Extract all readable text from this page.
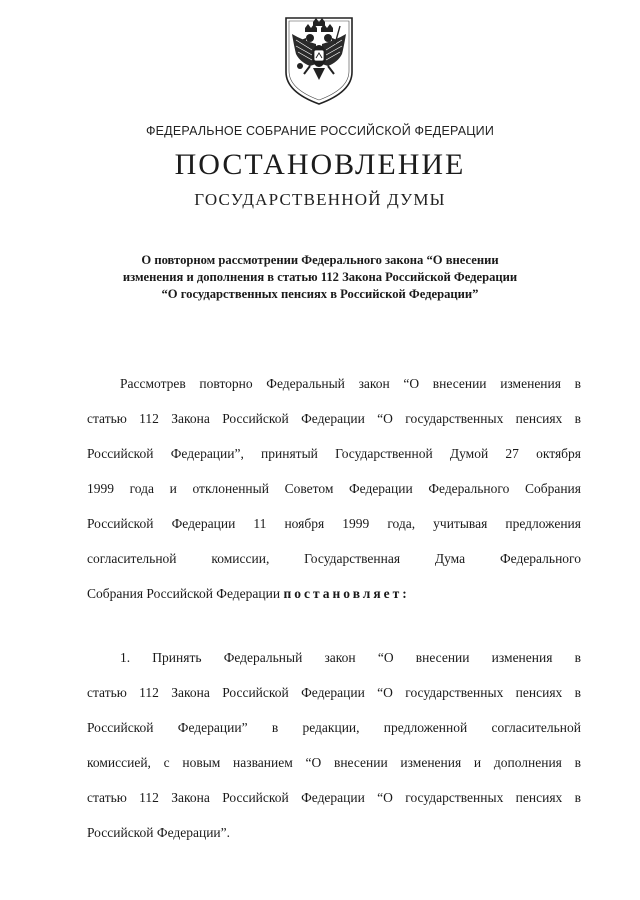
ФЕДЕРАЛЬНОЕ СОБРАНИЕ РОССИЙСКОЙ ФЕДЕРАЦИИ
ПОСТАНОВЛЕНИЕ
ГОСУДАРСТВЕННОЙ ДУМЫ
О повторном рассмотрении Федерального закона “О внесении
изменения и дополнения в статью 112 Закона Российской Федерации
“О государственных пенсиях в Российской Федерации”
Рассмотрев повторно Федеральный закон “О внесении изменения в
статью 112 Закона Российской Федерации “О государственных пенсиях в
Российской Федерации”, принятый Государственной Думой 27 октября
1999 года и отклоненный Советом Федерации Федерального Собрания
Российской Федерации 11 ноября 1999 года, учитывая предложения
согласительной комиссии, Государственная Дума Федерального
Собрания Российской Федерации постановляет:
1. Принять Федеральный закон “О внесении изменения в
статью 112 Закона Российской Федерации “О государственных пенсиях в
Российской Федерации” в редакции, предложенной согласительной
комиссией, с новым названием “О внесении изменения и дополнения в
статью 112 Закона Российской Федерации “О государственных пенсиях в
Российской Федерации”.
